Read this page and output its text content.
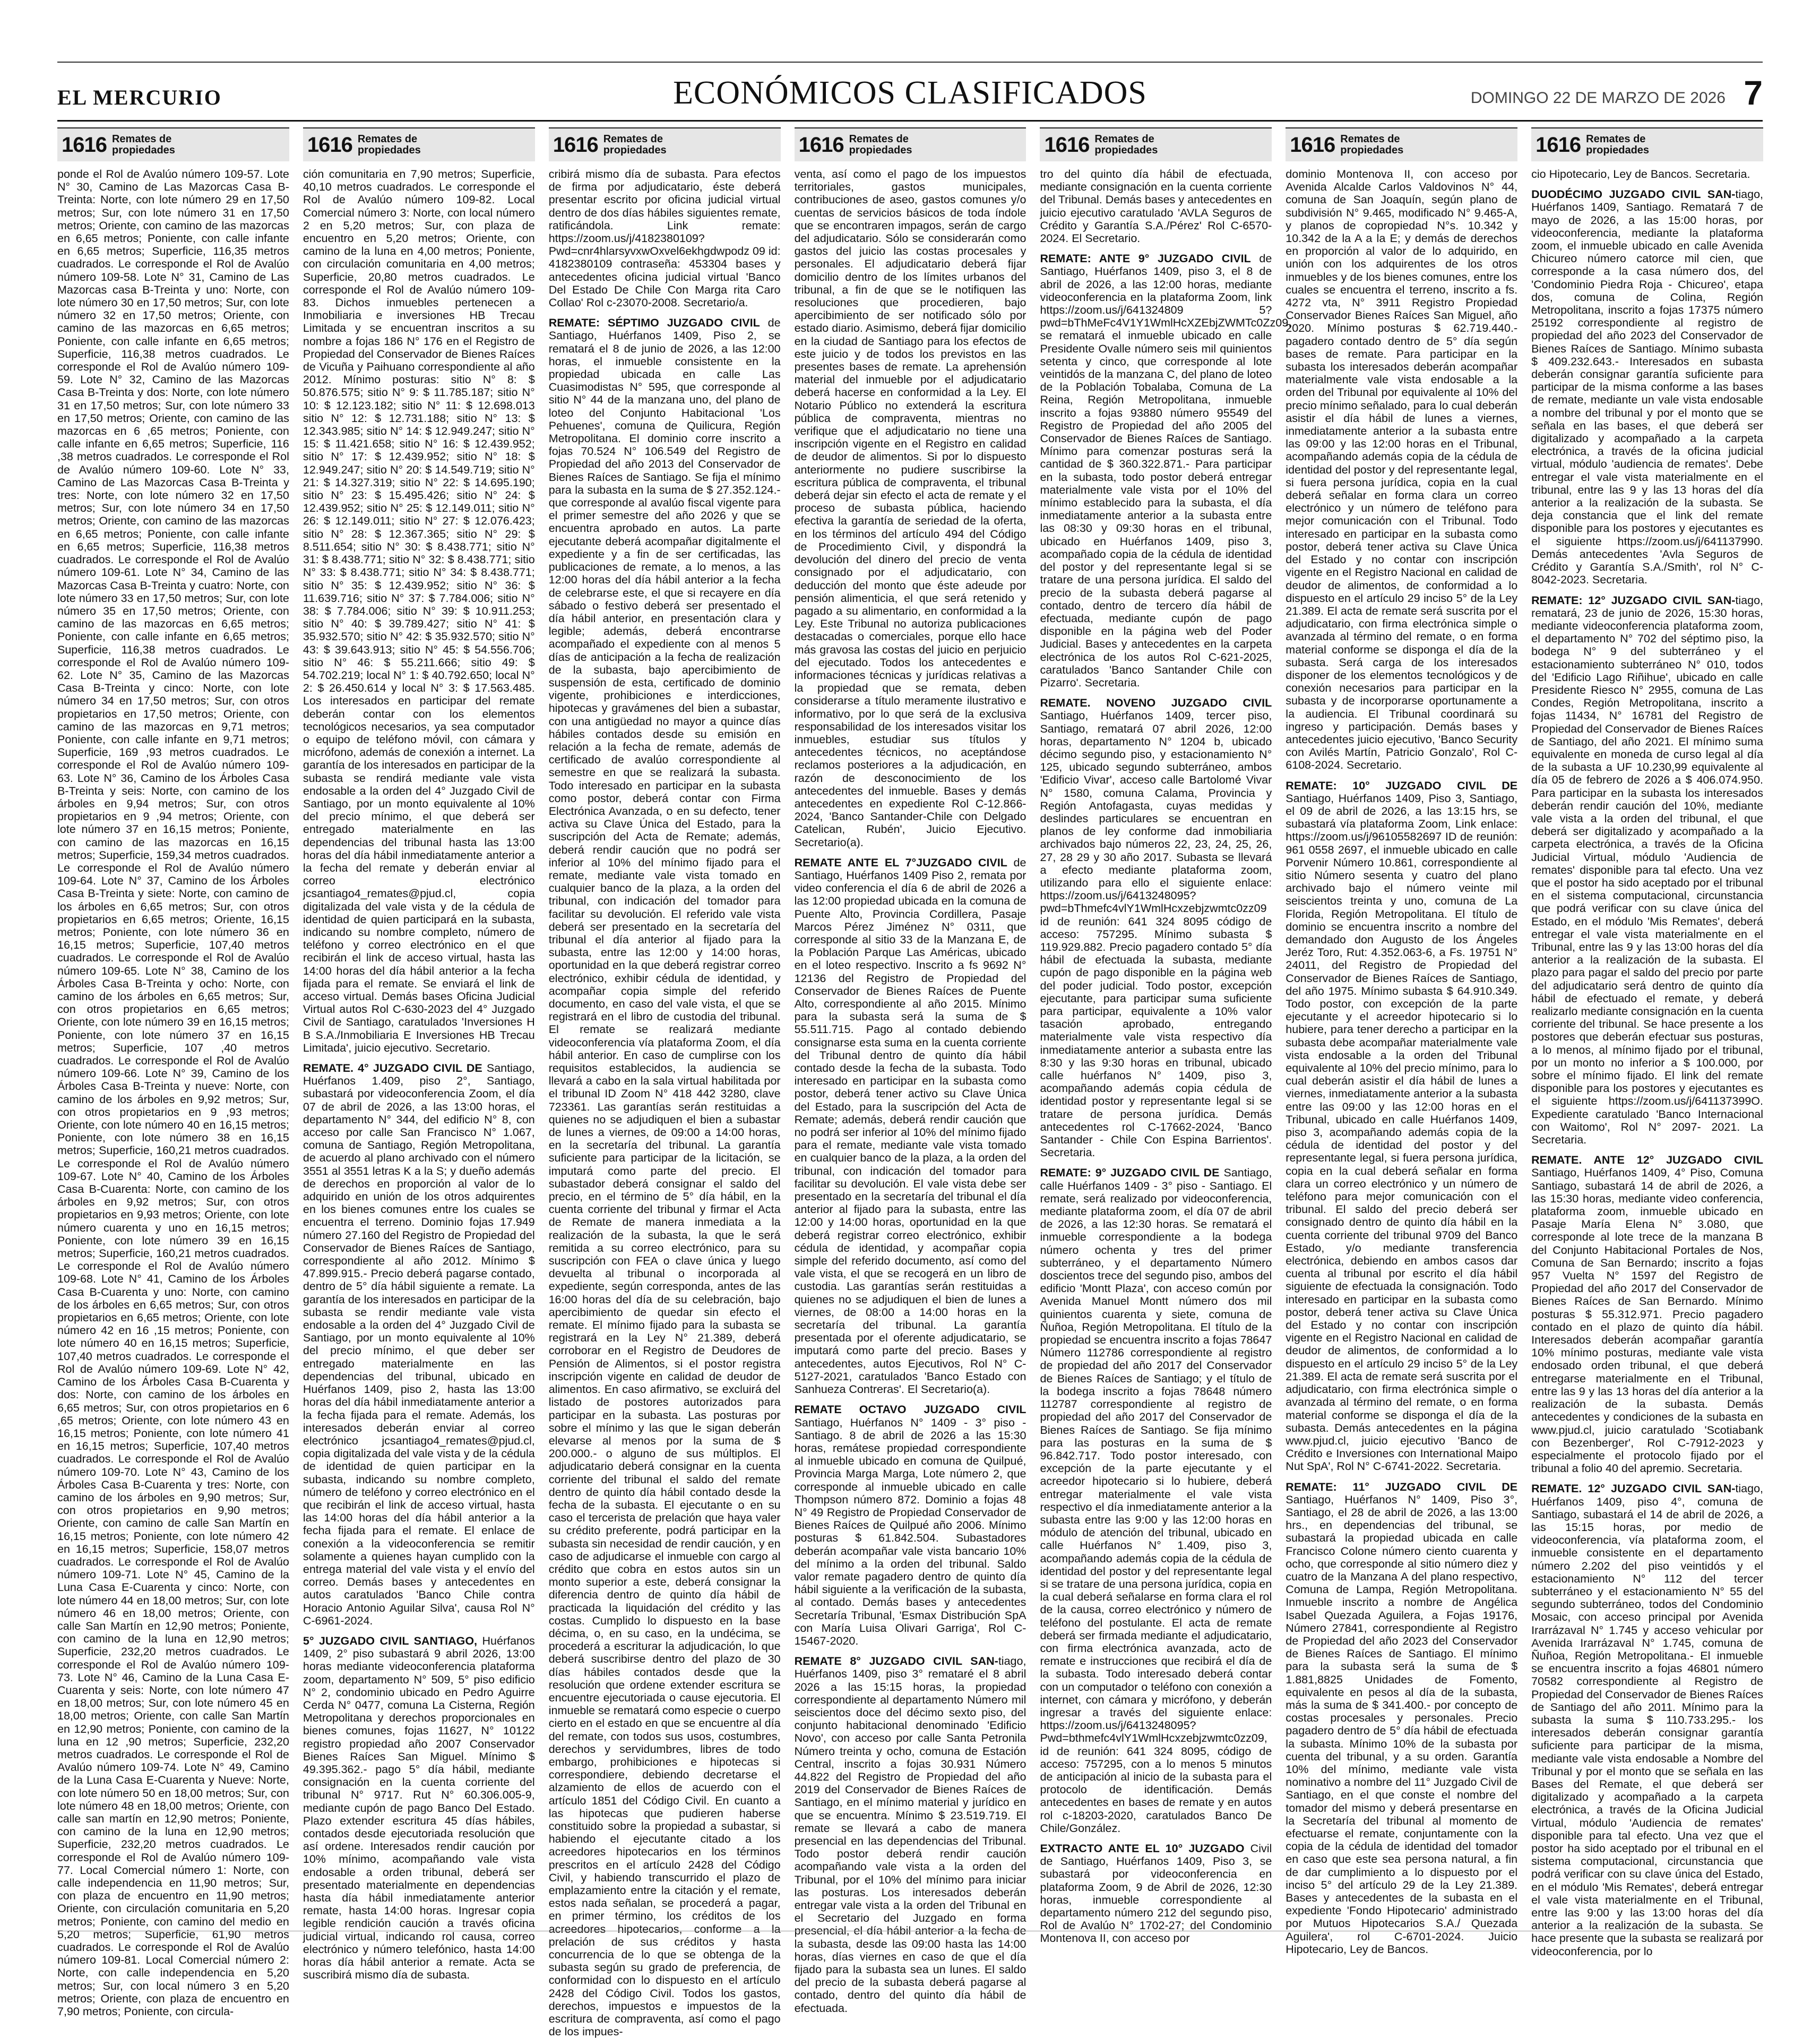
EL MERCURIO	ECONÓMICOS CLASIFICADOS	DOMINGO 22 DE MARZO DE 2026 7
1616 Remates de
propiedades

ponde el Rol de Avalúo número 109-57. Lote N° 30, Camino de Las Mazorcas Casa B-Treinta: Norte, con lote número 29 en 17,50 metros; Sur, con lote número 31 en 17,50 metros; Oriente, con camino de las mazorcas en 6,65 metros; Poniente, con calle infante en 6,65 metros; Superficie, 116,35 metros cuadrados. Le corresponde el Rol de Avalúo número 109-58. Lote N° 31, Camino de Las Mazorcas casa B-Treinta y uno: Norte, con lote número 30 en 17,50 metros; Sur, con lote número 32 en 17,50 metros; Oriente, con camino de las mazorcas en 6,65 metros; Poniente, con calle infante en 6,65 metros; Superficie, 116,38 metros cuadrados. Le corresponde el Rol de Avalúo número 109-59. Lote N° 32, Camino de las Mazorcas Casa B-Treinta y dos: Norte, con lote número 31 en 17,50 metros; Sur, con lote número 33 en 17,50 metros; Oriente, con camino de las mazorcas en 6 ,65 metros; Poniente, con calle infante en 6,65 metros; Superficie, 116 ,38 metros cuadrados. Le corresponde el Rol de Avalúo número 109-60. Lote N° 33, Camino de Las Mazorcas Casa B-Treinta y tres: Norte, con lote número 32 en 17,50 metros; Sur, con lote número 34 en 17,50 metros; Oriente, con camino de las mazorcas en 6,65 metros; Poniente, con calle infante en 6,65 metros; Superficie, 116,38 metros cuadrados. Le corresponde el Rol de Avalúo número 109-61. Lote N° 34, Camino de las Mazorcas Casa B-Treinta y cuatro: Norte, con lote número 33 en 17,50 metros; Sur, con lote número 35 en 17,50 metros; Oriente, con camino de las mazorcas en 6,65 metros; Poniente, con calle infante en 6,65 metros; Superficie, 116,38 metros cuadrados. Le corresponde el Rol de Avalúo número 109-62. Lote N° 35, Camino de las Mazorcas Casa B-Treinta y cinco: Norte, con lote número 34 en 17,50 metros; Sur, con otros propietarios en 17,50 metros; Oriente, con camino de las mazorcas en 9,71 metros; Poniente, con calle infante en 9,71 metros; Superficie, 169 ,93 metros cuadrados. Le corresponde el Rol de Avalúo número 109-63. Lote N° 36, Camino de los Árboles Casa B-Treinta y seis: Norte, con camino de los árboles en 9,94 metros; Sur, con otros propietarios en 9 ,94 metros; Oriente, con lote número 37 en 16,15 metros; Poniente, con camino de las mazorcas en 16,15 metros; Superficie, 159,34 metros cuadrados. Le corresponde el Rol de Avalúo número 109-64. Lote N° 37, Camino de los Árboles Casa B-Treinta y siete: Norte, con camino de los árboles en 6,65 metros; Sur, con otros propietarios en 6,65 metros; Oriente, 16,15 metros; Poniente, con lote número 36 en 16,15 metros; Superficie, 107,40 metros cuadrados. Le corresponde el Rol de Avalúo número 109-65. Lote N° 38, Camino de los Árboles Casa B-Treinta y ocho: Norte, con camino de los árboles en 6,65 metros; Sur, con otros propietarios en 6,65 metros; Oriente, con lote número 39 en 16,15 metros; Poniente, con lote número 37 en 16,15 metros; Superficie, 107 ,40 metros cuadrados. Le corresponde el Rol de Avalúo número 109-66. Lote N° 39, Camino de los Árboles Casa B-Treinta y nueve: Norte, con camino de los árboles en 9,92 metros; Sur, con otros propietarios en 9 ,93 metros; Oriente, con lote número 40 en 16,15 metros; Poniente, con lote número 38 en 16,15 metros; Superficie, 160,21 metros cuadrados. Le corresponde el Rol de Avalúo número 109-67. Lote N° 40, Camino de los Árboles Casa B-Cuarenta: Norte, con camino de los árboles en 9,92 metros; Sur, con otros propietarios en 9,93 metros; Oriente, con lote número cuarenta y uno en 16,15 metros; Poniente, con lote número 39 en 16,15 metros; Superficie, 160,21 metros cuadrados. Le corresponde el Rol de Avalúo número 109-68. Lote N° 41, Camino de los Árboles Casa B-Cuarenta y uno: Norte, con camino de los árboles en 6,65 metros; Sur, con otros propietarios en 6,65 metros; Oriente, con lote número 42 en 16 ,15 metros; Poniente, con lote número 40 en 16,15 metros; Superficie, 107,40 metros cuadrados. Le corresponde el Rol de Avalúo número 109-69. Lote N° 42, Camino de los Árboles Casa B-Cuarenta y dos: Norte, con camino de los árboles en 6,65 metros; Sur, con otros propietarios en 6 ,65 metros; Oriente, con lote número 43 en 16,15 metros; Poniente, con lote número 41 en 16,15 metros; Superficie, 107,40 metros cuadrados. Le corresponde el Rol de Avalúo número 109-70. Lote N° 43, Camino de los Árboles Casa B-Cuarenta y tres: Norte, con camino de los árboles en 9,90 metros; Sur, con otros propietarios en 9,90 metros; Oriente, con camino de calle San Martín en 16,15 metros; Poniente, con lote número 42 en 16,15 metros; Superficie, 158,07 metros cuadrados. Le corresponde el Rol de Avalúo número 109-71. Lote N° 45, Camino de la Luna Casa E-Cuarenta y cinco: Norte, con lote número 44 en 18,00 metros; Sur, con lote número 46 en 18,00 metros; Oriente, con calle San Martín en 12,90 metros; Poniente, con camino de la luna en 12,90 metros; Superficie, 232,20 metros cuadrados. Le corresponde el Rol de Avalúo número 109-73. Lote N° 46, Camino de la Luna Casa E-Cuarenta y seis: Norte, con lote número 47 en 18,00 metros; Sur, con lote número 45 en 18,00 metros; Oriente, con calle San Martín en 12,90 metros; Poniente, con camino de la luna en 12 ,90 metros; Superficie, 232,20 metros cuadrados. Le corresponde el Rol de Avalúo número 109-74. Lote N° 49, Camino de la Luna Casa E-Cuarenta y Nueve: Norte, con lote número 50 en 18,00 metros; Sur, con lote número 48 en 18,00 metros; Oriente, con calle san martín en 12,90 metros; Poniente, con camino de la luna en 12,90 metros; Superficie, 232,20 metros cuadrados. Le corresponde el Rol de Avalúo número 109-77. Local Comercial número 1: Norte, con calle independencia en 11,90 metros; Sur, con plaza de encuentro en 11,90 metros; Oriente, con circulación comunitaria en 5,20 metros; Poniente, con camino del medio en 5,20 metros; Superficie, 61,90 metros cuadrados. Le corresponde el Rol de Avalúo número 109-81. Local Comercial número 2: Norte, con calle independencia en 5,20 metros; Sur, con local número 3 en 5,20 metros; Oriente, con plaza de encuentro en 7,90 metros; Poniente, con circula-

1616 Remates de
propiedades

ción comunitaria en 7,90 metros; Superficie, 40,10 metros cuadrados. Le corresponde el Rol de Avalúo número 109-82. Local Comercial número 3: Norte, con local número 2 en 5,20 metros; Sur, con plaza de encuentro en 5,20 metros; Oriente, con camino de la luna en 4,00 metros; Poniente, con circulación comunitaria en 4,00 metros; Superficie, 20,80 metros cuadrados. Le corresponde el Rol de Avalúo número 109-83. Dichos inmuebles pertenecen a Inmobiliaria e inversiones HB Trecau Limitada y se encuentran inscritos a su nombre a fojas 186 N° 176 en el Registro de Propiedad del Conservador de Bienes Raíces de Vicuña y Paihuano correspondiente al año 2012. Mínimo posturas: sitio N° 8: $ 50.876.575; sitio N° 9: $ 11.785.187; sitio N° 10: $ 12.123.182; sitio N° 11: $ 12.698.013 sitio N° 12: $ 12.731.188; sitio N° 13: $ 12.343.985; sitio N° 14: $ 12.949.247; sitio N° 15: $ 11.421.658; sitio N° 16: $ 12.439.952; sitio N° 17: $ 12.439.952; sitio N° 18: $ 12.949.247; sitio N° 20: $ 14.549.719; sitio N° 21: $ 14.327.319; sitio N° 22: $ 14.695.190; sitio N° 23: $ 15.495.426; sitio N° 24: $ 12.439.952; sitio N° 25: $ 12.149.011; sitio N° 26: $ 12.149.011; sitio N° 27: $ 12.076.423; sitio N° 28: $ 12.367.365; sitio N° 29: $ 8.511.654; sitio N° 30: $ 8.438.771; sitio N° 31: $ 8.438.771; sitio N° 32: $ 8.438.771; sitio N° 33: $ 8.438.771; sitio N° 34: $ 8.438.771; sitio N° 35: $ 12.439.952; sitio N° 36: $ 11.639.716; sitio N° 37: $ 7.784.006; sitio N° 38: $ 7.784.006; sitio N° 39: $ 10.911.253; sitio N° 40: $ 39.789.427; sitio N° 41: $ 35.932.570; sitio N° 42: $ 35.932.570; sitio N° 43: $ 39.643.913; sitio N° 45: $ 54.556.706; sitio N° 46: $ 55.211.666; sitio 49: $ 54.702.219; local N° 1: $ 40.792.650; local N° 2: $ 26.450.614 y local N° 3: $ 17.563.485. Los interesados en participar del remate deberán contar con los elementos tecnológicos necesarios, ya sea computador o equipo de teléfono móvil, con cámara y micrófono, además de conexión a internet. La garantía de los interesados en participar de la subasta se rendirá mediante vale vista endosable a la orden del 4° Juzgado Civil de Santiago, por un monto equivalente al 10% del precio mínimo, el que deberá ser entregado materialmente en las dependencias del tribunal hasta las 13:00 horas del día hábil inmediatamente anterior a la fecha del remate y deberán enviar al correo electrónico jcsantiago4_remates@pjud.cl, copia digitalizada del vale vista y de la cédula de identidad de quien participará en la subasta, indicando su nombre completo, número de teléfono y correo electrónico en el que recibirán el link de acceso virtual, hasta las 14:00 horas del día hábil anterior a la fecha fijada para el remate. Se enviará el link de acceso virtual. Demás bases Oficina Judicial Virtual autos Rol C-630-2023 del 4° Juzgado Civil de Santiago, caratulados 'Inversiones H B S.A./Inmobiliaria E Inversiones HB Trecau Limitada', juicio ejecutivo. Secretario.

REMATE. 4° JUZGADO CIVIL DE Santiago, Huérfanos 1.409, piso 2°, Santiago, subastará por videoconferencia Zoom, el día 07 de abril de 2026, a las 13:00 horas, el departamento N° 344, del edificio N° 8, con acceso por calle San Francisco N° 1.067, comuna de Santiago, Región Metropolitana, de acuerdo al plano archivado con el número 3551 al 3551 letras K a la S; y dueño además de derechos en proporción al valor de lo adquirido en unión de los otros adquirentes en los bienes comunes entre los cuales se encuentra el terreno. Dominio fojas 17.949 número 27.160 del Registro de Propiedad del Conservador de Bienes Raíces de Santiago, correspondiente al año 2012. Mínimo $ 47.899.915.- Precio deberá pagarse contado, dentro de 5° día hábil siguiente a remate. La garantía de los interesados en participar de la subasta se rendir mediante vale vista endosable a la orden del 4° Juzgado Civil de Santiago, por un monto equivalente al 10% del precio mínimo, el que deber ser entregado materialmente en las dependencias del tribunal, ubicado en Huérfanos 1409, piso 2, hasta las 13:00 horas del día hábil inmediatamente anterior a la fecha fijada para el remate. Además, los interesados deberán enviar al correo electrónico jcsantiago4_remates@pjud.cl, copia digitalizada del vale vista y de la cédula de identidad de quien participar en la subasta, indicando su nombre completo, número de teléfono y correo electrónico en el que recibirán el link de acceso virtual, hasta las 14:00 horas del día hábil anterior a la fecha fijada para el remate. El enlace de conexión a la videoconferencia se remitir solamente a quienes hayan cumplido con la entrega material del vale vista y el envío del correo. Demás bases y antecedentes en autos caratulados 'Banco Chile contra Horacio Antonio Aguilar Silva', causa Rol N° C-6961-2024.

5° JUZGADO CIVIL SANTIAGO, Huérfanos 1409, 2° piso subastará 9 abril 2026, 13:00 horas mediante videoconferencia plataforma zoom, departamento N° 509, 5° piso edificio N° 2, condominio ubicado en Pedro Aguirre Cerda N° 0477, comuna La Cisterna, Región Metropolitana y derechos proporcionales en bienes comunes, fojas 11627, N° 10122 registro propiedad año 2007 Conservador Bienes Raíces San Miguel. Mínimo $ 49.395.362.- pago 5° día hábil, mediante consignación en la cuenta corriente del tribunal N° 9717. Rut N° 60.306.005-9, mediante cupón de pago Banco Del Estado. Plazo extender escritura 45 días hábiles, contados desde ejecutoriada resolución que así ordene. Interesados rendir caución por 10% mínimo, acompañando vale vista endosable a orden tribunal, deberá ser presentado materialmente en dependencias hasta día hábil inmediatamente anterior remate, hasta 14:00 horas. Ingresar copia legible rendición caución a través oficina judicial virtual, indicando rol causa, correo electrónico y número telefónico, hasta 14:00 horas día hábil anterior a remate. Acta se suscribirá mismo día de subasta.

1616 Remates de
propiedades

cribirá mismo día de subasta. Para efectos de firma por adjudicatario, éste deberá presentar escrito por oficina judicial virtual dentro de dos días hábiles siguientes remate, ratificándola. Link remate: https://zoom.us/j/4182380109? Pwd=cnr4hlarsyvxwOxvel6ekhgdwpodz 09 id: 4182380109 contraseña: 453304 bases y antecedentes oficina judicial virtual 'Banco Del Estado De Chile Con Marga rita Caro Collao' Rol c-23070-2008. Secretario/a.

REMATE: SÉPTIMO JUZGADO CIVIL de Santiago, Huérfanos 1409, Piso 2, se rematará el 8 de junio de 2026, a las 12:00 horas, el inmueble consistente en la propiedad ubicada en calle Las Cuasimodistas N° 595, que corresponde al sitio N° 44 de la manzana uno, del plano de loteo del Conjunto Habitacional 'Los Pehuenes', comuna de Quilicura, Región Metropolitana. El dominio corre inscrito a fojas 70.524 N° 106.549 del Registro de Propiedad del año 2013 del Conservador de Bienes Raíces de Santiago. Se fija el mínimo para la subasta en la suma de $ 27.352.124.- que corresponde al avalúo fiscal vigente para el primer semestre del año 2026 y que se encuentra aprobado en autos. La parte ejecutante deberá acompañar digitalmente el expediente y a fin de ser certificadas, las publicaciones de remate, a lo menos, a las 12:00 horas del día hábil anterior a la fecha de celebrarse este, el que si recayere en día sábado o festivo deberá ser presentado el día hábil anterior, en presentación clara y legible; además, deberá encontrarse acompañado el expediente con al menos 5 días de anticipación a la fecha de realización de la subasta, bajo apercibimiento de suspensión de esta, certificado de dominio vigente, prohibiciones e interdicciones, hipotecas y gravámenes del bien a subastar, con una antigüedad no mayor a quince días hábiles contados desde su emisión en relación a la fecha de remate, además de certificado de avalúo correspondiente al semestre en que se realizará la subasta. Todo interesado en participar en la subasta como postor, deberá contar con Firma Electrónica Avanzada, o en su defecto, tener activa su Clave Única del Estado, para la suscripción del Acta de Remate; además, deberá rendir caución que no podrá ser inferior al 10% del mínimo fijado para el remate, mediante vale vista tomado en cualquier banco de la plaza, a la orden del tribunal, con indicación del tomador para facilitar su devolución. El referido vale vista deberá ser presentado en la secretaría del tribunal el día anterior al fijado para la subasta, entre las 12:00 y 14:00 horas, oportunidad en la que deberá registrar correo electrónico, exhibir cédula de identidad, y acompañar copia simple del referido documento, en caso del vale vista, el que se registrará en el libro de custodia del tribunal. El remate se realizará mediante videoconferencia vía plataforma Zoom, el día hábil anterior. En caso de cumplirse con los requisitos establecidos, la audiencia se llevará a cabo en la sala virtual habilitada por el tribunal ID Zoom N° 418 442 3280, clave 723361. Las garantías serán restituidas a quienes no se adjudiquen el bien a subastar de lunes a viernes, de 09:00 a 14:00 horas, en la secretaría del tribunal. La garantía suficiente para participar de la licitación, se imputará como parte del precio. El subastador deberá consignar el saldo del precio, en el término de 5° día hábil, en la cuenta corriente del tribunal y firmar el Acta de Remate de manera inmediata a la realización de la subasta, la que le será remitida a su correo electrónico, para su suscripción con FEA o clave única y luego devuelta al tribunal o incorporada al expediente, según corresponda, antes de las 16:00 horas del día de su celebración, bajo apercibimiento de quedar sin efecto el remate. El mínimo fijado para la subasta se registrará en la Ley N° 21.389, deberá corroborar en el Registro de Deudores de Pensión de Alimentos, si el postor registra inscripción vigente en calidad de deudor de alimentos. En caso afirmativo, se excluirá del listado de postores autorizados para participar en la subasta. Las posturas por sobre el mínimo y las que le sigan deberán elevarse al menos por la suma de $ 200.000.- o alguno de sus múltiplos. El adjudicatario deberá consignar en la cuenta corriente del tribunal el saldo del remate dentro de quinto día hábil contado desde la fecha de la subasta. El ejecutante o en su caso el tercerista de prelación que haya valer su crédito preferente, podrá participar en la subasta sin necesidad de rendir caución, y en caso de adjudicarse el inmueble con cargo al crédito que cobra en estos autos sin un monto superior a este, deberá consignar la diferencia dentro de quinto día hábil de practicada la liquidación del crédito y las costas. Cumplido lo dispuesto en la base décima, o, en su caso, en la undécima, se procederá a escriturar la adjudicación, lo que deberá suscribirse dentro del plazo de 30 días hábiles contados desde que la resolución que ordene extender escritura se encuentre ejecutoriada o cause ejecutoria. El inmueble se rematará como especie o cuerpo cierto en el estado en que se encuentre al día del remate, con todos sus usos, costumbres, derechos y servidumbres, libres de todo embargo, prohibiciones e hipotecas si correspondiere, debiendo decretarse el alzamiento de ellos de acuerdo con el artículo 1851 del Código Civil. En cuanto a las hipotecas que pudieren haberse constituido sobre la propiedad a subastar, si habiendo el ejecutante citado a los acreedores hipotecarios en los términos prescritos en el artículo 2428 del Código Civil, y habiendo transcurrido el plazo de emplazamiento entre la citación y el remate, estos nada señalan, se procederá a pagar, en primer término, los créditos de los acreedores hipotecarios, conforme a la prelación de sus créditos y hasta concurrencia de lo que se obtenga de la subasta según su grado de preferencia, de conformidad con lo dispuesto en el artículo 2428 del Código Civil. Todos los gastos, derechos, impuestos e impuestos de la escritura de compraventa, así como el pago de los impues-

1616 Remates de
propiedades

venta, así como el pago de los impuestos territoriales, gastos municipales, contribuciones de aseo, gastos comunes y/o cuentas de servicios básicos de toda índole que se encontraren impagos, serán de cargo del adjudicatario. Sólo se considerarán como gastos del juicio las costas procesales y personales. El adjudicatario deberá fijar domicilio dentro de los límites urbanos del tribunal, a fin de que se le notifiquen las resoluciones que procedieren, bajo apercibimiento de ser notificado sólo por estado diario. Asimismo, deberá fijar domicilio en la ciudad de Santiago para los efectos de este juicio y de todos los previstos en las presentes bases de remate. La aprehensión material del inmueble por el adjudicatario deberá hacerse en conformidad a la Ley. El Notario Público no extenderá la escritura pública de compraventa, mientras no verifique que el adjudicatario no tiene una inscripción vigente en el Registro en calidad de deudor de alimentos. Si por lo dispuesto anteriormente no pudiere suscribirse la escritura pública de compraventa, el tribunal deberá dejar sin efecto el acta de remate y el proceso de subasta pública, haciendo efectiva la garantía de seriedad de la oferta, en los términos del artículo 494 del Código de Procedimiento Civil, y dispondrá la devolución del dinero del precio de venta consignado por el adjudicatario, con deducción del monto que éste adeude por pensión alimenticia, el que será retenido y pagado a su alimentario, en conformidad a la Ley. Este Tribunal no autoriza publicaciones destacadas o comerciales, porque ello hace más gravosa las costas del juicio en perjuicio del ejecutado. Todos los antecedentes e informaciones técnicas y jurídicas relativas a la propiedad que se remata, deben considerarse a título meramente ilustrativo e informativo, por lo que será de la exclusiva responsabilidad de los interesados visitar los inmuebles, estudiar sus títulos y antecedentes técnicos, no aceptándose reclamos posteriores a la adjudicación, en razón de desconocimiento de los antecedentes del inmueble. Bases y demás antecedentes en expediente Rol C-12.866-2024, 'Banco Santander-Chile con Delgado Catelican, Rubén', Juicio Ejecutivo. Secretario(a).

REMATE ANTE EL 7°JUZGADO CIVIL de Santiago, Huérfanos 1409 Piso 2, remata por video conferencia el día 6 de abril de 2026 a las 12:00 propiedad ubicada en la comuna de Puente Alto, Provincia Cordillera, Pasaje Marcos Pérez Jiménez N° 0311, que corresponde al sitio 33 de la Manzana E, de la Población Parque Las Américas, ubicado en el loteo respectivo. Inscrito a fs 9692 N° 12136 del Registro de Propiedad del Conservador de Bienes Raíces de Puente Alto, correspondiente al año 2015. Mínimo para la subasta será la suma de $ 55.511.715. Pago al contado debiendo consignarse esta suma en la cuenta corriente del Tribunal dentro de quinto día hábil contado desde la fecha de la subasta. Todo interesado en participar en la subasta como postor, deberá tener activo su Clave Única del Estado, para la suscripción del Acta de Remate; además, deberá rendir caución que no podrá ser inferior al 10% del mínimo fijado para el remate, mediante vale vista tomado en cualquier banco de la plaza, a la orden del tribunal, con indicación del tomador para facilitar su devolución. El vale vista debe ser presentado en la secretaría del tribunal el día anterior al fijado para la subasta, entre las 12:00 y 14:00 horas, oportunidad en la que deberá registrar correo electrónico, exhibir cédula de identidad, y acompañar copia simple del referido documento, así como del vale vista, el que se recogerá en un libro de custodia. Las garantías serán restituidas a quienes no se adjudiquen el bien de lunes a viernes, de 08:00 a 14:00 horas en la secretaría del tribunal. La garantía presentada por el oferente adjudicatario, se imputará como parte del precio. Bases y antecedentes, autos Ejecutivos, Rol N° C-5127-2021, caratulados 'Banco Estado con Sanhueza Contreras'. El Secretario(a).

REMATE OCTAVO JUZGADO CIVIL Santiago, Huérfanos N° 1409 - 3° piso - Santiago. 8 de abril de 2026 a las 15:30 horas, remátese propiedad correspondiente al inmueble ubicado en comuna de Quilpué, Provincia Marga Marga, Lote número 2, que corresponde al inmueble ubicado en calle Thompson número 872. Dominio a fojas 48 N° 49 Registro de Propiedad Conservador de Bienes Raíces de Quilpué año 2006. Mínimo posturas $ 61.842.504. Subastadores deberán acompañar vale vista bancario 10% del mínimo a la orden del tribunal. Saldo valor remate pagadero dentro de quinto día hábil siguiente a la verificación de la subasta, al contado. Demás bases y antecedentes Secretaría Tribunal, 'Esmax Distribución SpA con María Luisa Olivari Garriga', Rol C-15467-2020.

REMATE 8° JUZGADO CIVIL SAN-tiago, Huérfanos 1409, piso 3° remataré el 8 abril 2026 a las 15:15 horas, la propiedad correspondiente al departamento Número mil seiscientos doce del décimo sexto piso, del conjunto habitacional denominado 'Edificio Novo', con acceso por calle Santa Petronila Número treinta y ocho, comuna de Estación Central, inscrito a fojas 30.931 Número 44.822 del Registro de Propiedad del año 2019 del Conservador de Bienes Raíces de Santiago, en el mínimo material y jurídico en que se encuentra. Mínimo $ 23.519.719. El remate se llevará a cabo de manera presencial en las dependencias del Tribunal. Todo postor deberá rendir caución acompañando vale vista a la orden del Tribunal, por el 10% del mínimo para iniciar las posturas. Los interesados deberán entregar vale vista a la orden del Tribunal en el Secretario del Juzgado en forma presencial, el día hábil anterior a la fecha de la subasta, desde las 09:00 hasta las 14:00 horas, días viernes en caso de que el día fijado para la subasta sea un lunes. El saldo del precio de la subasta deberá pagarse al contado, dentro del quinto día hábil de efectuada.

1616 Remates de
propiedades

tro del quinto día hábil de efectuada, mediante consignación en la cuenta corriente del Tribunal. Demás bases y antecedentes en juicio ejecutivo caratulado 'AVLA Seguros de Crédito y Garantía S.A./Pérez' Rol C-6570-2024. El Secretario.

REMATE: ANTE 9° JUZGADO CIVIL de Santiago, Huérfanos 1409, piso 3, el 8 de abril de 2026, a las 12:00 horas, mediante videoconferencia en la plataforma Zoom, link https://zoom.us/j/641324809 5?pwd=bThMeFc4V1Y1WmlHcXZEbjZWMTc0Zz09, se rematará el inmueble ubicado en calle Presidente Ovalle número seis mil quinientos setenta y cinco, que corresponde al lote veintidós de la manzana C, del plano de loteo de la Población Tobalaba, Comuna de La Reina, Región Metropolitana, inmueble inscrito a fojas 93880 número 95549 del Registro de Propiedad del año 2005 del Conservador de Bienes Raíces de Santiago. Mínimo para comenzar posturas será la cantidad de $ 360.322.871.- Para participar en la subasta, todo postor deberá entregar materialmente vale vista por el 10% del mínimo establecido para la subasta, el día inmediatamente anterior a la subasta entre las 08:30 y 09:30 horas en el tribunal, ubicado en Huérfanos 1409, piso 3, acompañado copia de la cédula de identidad del postor y del representante legal si se tratare de una persona jurídica. El saldo del precio de la subasta deberá pagarse al contado, dentro de tercero día hábil de efectuada, mediante cupón de pago disponible en la página web del Poder Judicial. Bases y antecedentes en la carpeta electrónica de los autos Rol C-621-2025, caratulados 'Banco Santander Chile con Pizarro'. Secretaria.

REMATE. NOVENO JUZGADO CIVIL Santiago, Huérfanos 1409, tercer piso, Santiago, rematará 07 abril 2026, 12:00 horas, departamento N° 1204 b, ubicado décimo segundo piso, y estacionamiento N° 125, ubicado segundo subterráneo, ambos 'Edificio Vivar', acceso calle Bartolomé Vivar N° 1580, comuna Calama, Provincia y Región Antofagasta, cuyas medidas y deslindes particulares se encuentran en planos de ley conforme dad inmobiliaria archivados bajo números 22, 23, 24, 25, 26, 27, 28 29 y 30 año 2017. Subasta se llevará a efecto mediante plataforma zoom, utilizando para ello el siguiente enlace: https://zoom.us/j/6413248095?pwd=bThmefc4vlY1WmlHcxzebjzwmtc0zz09 id de reunión: 641 324 8095 código de acceso: 757295. Mínimo subasta $ 119.929.882. Precio pagadero contado 5° día hábil de efectuada la subasta, mediante cupón de pago disponible en la página web del poder judicial. Todo postor, excepción ejecutante, para participar suma suficiente para participar, equivalente a 10% valor tasación aprobado, entregando materialmente vale vista respectivo día inmediatamente anterior a subasta entre las 8:30 y las 9:30 horas en tribunal, ubicado calle huérfanos N° 1409, piso 3, acompañando además copia cédula de identidad postor y representante legal si se tratare de persona jurídica. Demás antecedentes rol C-17662-2024, 'Banco Santander - Chile Con Espina Barrientos'. Secretaria.

REMATE: 9° JUZGADO CIVIL DE Santiago, calle Huérfanos 1409 - 3° piso - Santiago. El remate, será realizado por videoconferencia, mediante plataforma zoom, el día 07 de abril de 2026, a las 12:30 horas. Se rematará el inmueble correspondiente a la bodega número ochenta y tres del primer subterráneo, y el departamento Número doscientos trece del segundo piso, ambos del edificio 'Montt Plaza', con acceso común por Avenida Manuel Montt número dos mil quinientos cuarenta y siete, comuna de Ñuñoa, Región Metropolitana. El título de la propiedad se encuentra inscrito a fojas 78647 Número 112786 correspondiente al registro de propiedad del año 2017 del Conservador de Bienes Raíces de Santiago; y el título de la bodega inscrito a fojas 78648 número 112787 correspondiente al registro de propiedad del año 2017 del Conservador de Bienes Raíces de Santiago. Se fija mínimo para las posturas en la suma de $ 96.842.717. Todo postor interesado, con excepción de la parte ejecutante y el acreedor hipotecario si lo hubiere, deberá entregar materialmente el vale vista respectivo el día inmediatamente anterior a la subasta entre las 9:00 y las 12:00 horas en módulo de atención del tribunal, ubicado en calle Huérfanos N° 1.409, piso 3, acompañando además copia de la cédula de identidad del postor y del representante legal si se tratare de una persona jurídica, copia en la cual deberá señalarse en forma clara el rol de la causa, correo electrónico y número de teléfono del postulante. El acta de remate deberá ser firmada mediante el adjudicatario, con firma electrónica avanzada, acto de remate e instrucciones que recibirá el día de la subasta. Todo interesado deberá contar con un computador o teléfono con conexión a internet, con cámara y micrófono, y deberán ingresar a través del siguiente enlace: https://zoom.us/j/6413248095? Pwd=bthmefc4vlY1WmlHcxzebjzwmtc0zz09, id de reunión: 641 324 8095, código de acceso: 757295, con a lo menos 5 minutos de anticipación al inicio de la subasta para el protocolo de identificación. Demás antecedentes en bases de remate y en autos rol c-18203-2020, caratulados Banco De Chile/González.

EXTRACTO ANTE EL 10° JUZGADO Civil de Santiago, Huérfanos 1409, Piso 3, se subastará por videoconferencia en plataforma Zoom, 9 de Abril de 2026, 12:30 horas, inmueble correspondiente al departamento número 212 del segundo piso, Rol de Avalúo N° 1702-27; del Condominio Montenova II, con acceso por

1616 Remates de
propiedades

dominio Montenova II, con acceso por Avenida Alcalde Carlos Valdovinos N° 44, comuna de San Joaquín, según plano de subdivisión N° 9.465, modificado N° 9.465-A, y planos de copropiedad N°s. 10.342 y 10.342 de la A a la E; y demás de derechos en proporción al valor de lo adquirido, en unión con los adquirentes de los otros inmuebles y de los bienes comunes, entre los cuales se encuentra el terreno, inscrito a fs. 4272 vta, N° 3911 Registro Propiedad Conservador Bienes Raíces San Miguel, año 2020. Mínimo posturas $ 62.719.440.- pagadero contado dentro de 5° día según bases de remate. Para participar en la subasta los interesados deberán acompañar materialmente vale vista endosable a la orden del Tribunal por equivalente al 10% del precio mínimo señalado, para lo cual deberán asistir el día hábil de lunes a viernes, inmediatamente anterior a la subasta entre las 09:00 y las 12:00 horas en el Tribunal, acompañando además copia de la cédula de identidad del postor y del representante legal, si fuera persona jurídica, copia en la cual deberá señalar en forma clara un correo electrónico y un número de teléfono para mejor comunicación con el Tribunal. Todo interesado en participar en la subasta como postor, deberá tener activa su Clave Única del Estado y no contar con inscripción vigente en el Registro Nacional en calidad de deudor de alimentos, de conformidad a lo dispuesto en el artículo 29 inciso 5° de la Ley 21.389. El acta de remate será suscrita por el adjudicatario, con firma electrónica simple o avanzada al término del remate, o en forma material conforme se disponga el día de la subasta. Será carga de los interesados disponer de los elementos tecnológicos y de conexión necesarios para participar en la subasta y de incorporarse oportunamente a la audiencia. El Tribunal coordinará su ingreso y participación. Demás bases y antecedentes juicio ejecutivo, 'Banco Security con Avilés Martín, Patricio Gonzalo', Rol C-6108-2024. Secretario.

REMATE: 10° JUZGADO CIVIL DE Santiago, Huérfanos 1409, Piso 3, Santiago, el 09 de abril de 2026, a las 13:15 hrs, se subastará vía plataforma Zoom, Link enlace: https://zoom.us/j/96105582697 ID de reunión: 961 0558 2697, el inmueble ubicado en calle Porvenir Número 10.861, correspondiente al sitio Número sesenta y cuatro del plano archivado bajo el número veinte mil seiscientos treinta y uno, comuna de La Florida, Región Metropolitana. El título de dominio se encuentra inscrito a nombre del demandado don Augusto de los Ángeles Jeréz Toro, Rut: 4.352.063-6, a Fs. 19751 N° 24011, del Registro de Propiedad del Conservador de Bienes Raíces de Santiago, del año 1975. Mínimo subasta $ 64.910.349. Todo postor, con excepción de la parte ejecutante y el acreedor hipotecario si lo hubiere, para tener derecho a participar en la subasta debe acompañar materialmente vale vista endosable a la orden del Tribunal equivalente al 10% del precio mínimo, para lo cual deberán asistir el día hábil de lunes a viernes, inmediatamente anterior a la subasta entre las 09:00 y las 12:00 horas en el Tribunal, ubicado en calle Huérfanos 1409, piso 3, acompañando además copia de la cédula de identidad del postor y del representante legal, si fuera persona jurídica, copia en la cual deberá señalar en forma clara un correo electrónico y un número de teléfono para mejor comunicación con el tribunal. El saldo del precio deberá ser consignado dentro de quinto día hábil en la cuenta corriente del tribunal 9709 del Banco Estado, y/o mediante transferencia electrónica, debiendo en ambos casos dar cuenta al tribunal por escrito el día hábil siguiente de efectuada la consignación. Todo interesado en participar en la subasta como postor, deberá tener activa su Clave Única del Estado y no contar con inscripción vigente en el Registro Nacional en calidad de deudor de alimentos, de conformidad a lo dispuesto en el artículo 29 inciso 5° de la Ley 21.389. El acta de remate será suscrita por el adjudicatario, con firma electrónica simple o avanzada al término del remate, o en forma material conforme se disponga el día de la subasta. Demás antecedentes en la página www.pjud.cl, juicio ejecutivo 'Banco de Crédito e Inversiones con International Maipo Nut SpA', Rol N° C-6741-2022. Secretaria.

REMATE: 11° JUZGADO CIVIL DE Santiago, Huérfanos N° 1409, Piso 3°, Santiago, el 28 de abril de 2026, a las 13:00 hrs., en dependencias del tribunal, se subastará la propiedad ubicada en calle Francisco Colone número ciento cuarenta y ocho, que corresponde al sitio número diez y cuatro de la Manzana A del plano respectivo, Comuna de Lampa, Región Metropolitana. Inmueble inscrito a nombre de Angélica Isabel Quezada Aguilera, a Fojas 19176, Número 27841, correspondiente al Registro de Propiedad del año 2023 del Conservador de Bienes Raíces de Santiago. El mínimo para la subasta será la suma de $ 1.881,8825 Unidades de Fomento, equivalente en pesos al día de la subasta, más la suma de $ 341.400.- por concepto de costas procesales y personales. Precio pagadero dentro de 5° día hábil de efectuada la subasta. Mínimo 10% de la subasta por cuenta del tribunal, y a su orden. Garantía 10% del mínimo, mediante vale vista nominativo a nombre del 11° Juzgado Civil de Santiago, en el que conste el nombre del tomador del mismo y deberá presentarse en la Secretaría del tribunal al momento de efectuarse el remate, conjuntamente con la copia de la cédula de identidad del tomador en caso que este sea persona natural, a fin de dar cumplimiento a lo dispuesto por el inciso 5° del artículo 29 de la Ley 21.389. Bases y antecedentes de la subasta en el expediente 'Fondo Hipotecario' administrado por Mutuos Hipotecarios S.A./ Quezada Aguilera', rol C-6701-2024. Juicio Hipotecario, Ley de Bancos.

1616 Remates de
propiedades

cio Hipotecario, Ley de Bancos. Secretaria.

DUODÉCIMO JUZGADO CIVIL SAN-tiago, Huérfanos 1409, Santiago. Rematará 7 de mayo de 2026, a las 15:00 horas, por videoconferencia, mediante la plataforma zoom, el inmueble ubicado en calle Avenida Chicureo número catorce mil cien, que corresponde a la casa número dos, del 'Condominio Piedra Roja - Chicureo', etapa dos, comuna de Colina, Región Metropolitana, inscrito a fojas 17375 número 25192 correspondiente al registro de propiedad del año 2023 del Conservador de Bienes Raíces de Santiago. Mínimo subasta $ 409.232.643.- Interesados en subasta deberán consignar garantía suficiente para participar de la misma conforme a las bases de remate, mediante un vale vista endosable a nombre del tribunal y por el monto que se señala en las bases, el que deberá ser digitalizado y acompañado a la carpeta electrónica, a través de la oficina judicial virtual, módulo 'audiencia de remates'. Debe entregar el vale vista materialmente en el tribunal, entre las 9 y las 13 horas del día anterior a la realización de la subasta. Se deja constancia que el link del remate disponible para los postores y ejecutantes es el siguiente https://zoom.us/j/641137990. Demás antecedentes 'Avla Seguros de Crédito y Garantía S.A./Smith', rol N° C-8042-2023. Secretaria.

REMATE: 12° JUZGADO CIVIL SAN-tiago, rematará, 23 de junio de 2026, 15:30 horas, mediante videoconferencia plataforma zoom, el departamento N° 702 del séptimo piso, la bodega N° 9 del subterráneo y el estacionamiento subterráneo N° 010, todos del 'Edificio Lago Riñihue', ubicado en calle Presidente Riesco N° 2955, comuna de Las Condes, Región Metropolitana, inscrito a fojas 11434, N° 16781 del Registro de Propiedad del Conservador de Bienes Raíces de Santiago, del año 2021. El mínimo suma equivalente en moneda de curso legal al día de la subasta a UF 10.230,99 equivalente al día 05 de febrero de 2026 a $ 406.074.950. Para participar en la subasta los interesados deberán rendir caución del 10%, mediante vale vista a la orden del tribunal, el que deberá ser digitalizado y acompañado a la carpeta electrónica, a través de la Oficina Judicial Virtual, módulo 'Audiencia de remates' disponible para tal efecto. Una vez que el postor ha sido aceptado por el tribunal en el sistema computacional, circunstancia que podrá verificar con su clave única del Estado, en el módulo 'Mis Remates', deberá entregar el vale vista materialmente en el Tribunal, entre las 9 y las 13:00 horas del día anterior a la realización de la subasta. El plazo para pagar el saldo del precio por parte del adjudicatario será dentro de quinto día hábil de efectuado el remate, y deberá realizarlo mediante consignación en la cuenta corriente del tribunal. Se hace presente a los postores que deberán efectuar sus posturas, a lo menos, al mínimo fijado por el tribunal, por un monto no inferior a $ 100.000, por sobre el mínimo fijado. El link del remate disponible para los postores y ejecutantes es el siguiente https://zoom.us/j/641137399O. Expediente caratulado 'Banco Internacional con Waitomo', Rol N° 2097- 2021. La Secretaria.

REMATE. ANTE 12° JUZGADO CIVIL Santiago, Huérfanos 1409, 4° Piso, Comuna Santiago, subastará 14 de abril de 2026, a las 15:30 horas, mediante video conferencia, plataforma zoom, inmueble ubicado en Pasaje María Elena N° 3.080, que corresponde al lote trece de la manzana B del Conjunto Habitacional Portales de Nos, Comuna de San Bernardo; inscrito a fojas 957 Vuelta N° 1597 del Registro de Propiedad del año 2017 del Conservador de Bienes Raíces de San Bernardo. Mínimo posturas $ 55.312.971. Precio pagadero contado en el plazo de quinto día hábil. Interesados deberán acompañar garantía 10% mínimo posturas, mediante vale vista endosado orden tribunal, el que deberá entregarse materialmente en el Tribunal, entre las 9 y las 13 horas del día anterior a la realización de la subasta. Demás antecedentes y condiciones de la subasta en www.pjud.cl, juicio caratulado 'Scotiabank con Bezenberger', Rol C-7912-2023 y especialmente el protocolo fijado por el tribunal a folio 40 del apremio. Secretaria.

REMATE. 12° JUZGADO CIVIL SAN-tiago, Huérfanos 1409, piso 4°, comuna de Santiago, subastará el 14 de abril de 2026, a las 15:15 horas, por medio de videoconferencia, vía plataforma zoom, el inmueble consistente en el departamento número 2.202 del piso veintidós y el estacionamiento N° 112 del tercer subterráneo y el estacionamiento N° 55 del segundo subterráneo, todos del Condominio Mosaic, con acceso principal por Avenida Irarrázaval N° 1.745 y acceso vehicular por Avenida Irarrázaval N° 1.745, comuna de Ñuñoa, Región Metropolitana.- El inmueble se encuentra inscrito a fojas 46801 número 70582 correspondiente al Registro de Propiedad del Conservador de Bienes Raíces de Santiago del año 2011. Mínimo para la subasta la suma $ 110.733.295.- los interesados deberán consignar garantía suficiente para participar de la misma, mediante vale vista endosable a Nombre del Tribunal y por el monto que se señala en las Bases del Remate, el que deberá ser digitalizado y acompañado a la carpeta electrónica, a través de la Oficina Judicial Virtual, módulo 'Audiencia de remates' disponible para tal efecto. Una vez que el postor ha sido aceptado por el tribunal en el sistema computacional, circunstancia que podrá verificar con su clave única del Estado, en el módulo 'Mis Remates', deberá entregar el vale vista materialmente en el Tribunal, entre las 9:00 y las 13:00 horas del día anterior a la realización de la subasta. Se hace presente que la subasta se realizará por videoconferencia, por lo
